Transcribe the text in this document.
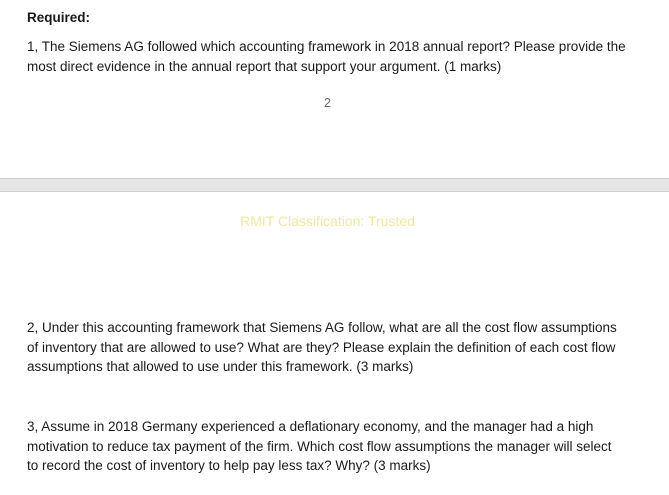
Required:
1, The Siemens AG followed which accounting framework in 2018 annual report? Please provide the
most direct evidence in the annual report that support your argument. (1 marks)
2
RMIT Classification: Trusted
2, Under this accounting framework that Siemens AG follow, what are all the cost flow assumptions
of inventory that are allowed to use? What are they? Please explain the definition of each cost flow
assumptions that allowed to use under this framework. (3 marks)
3, Assume in 2018 Germany experienced a deflationary economy, and the manager had a high
motivation to reduce tax payment of the firm. Which cost flow assumptions the manager will select
to record the cost of inventory to help pay less tax? Why? (3 marks)
